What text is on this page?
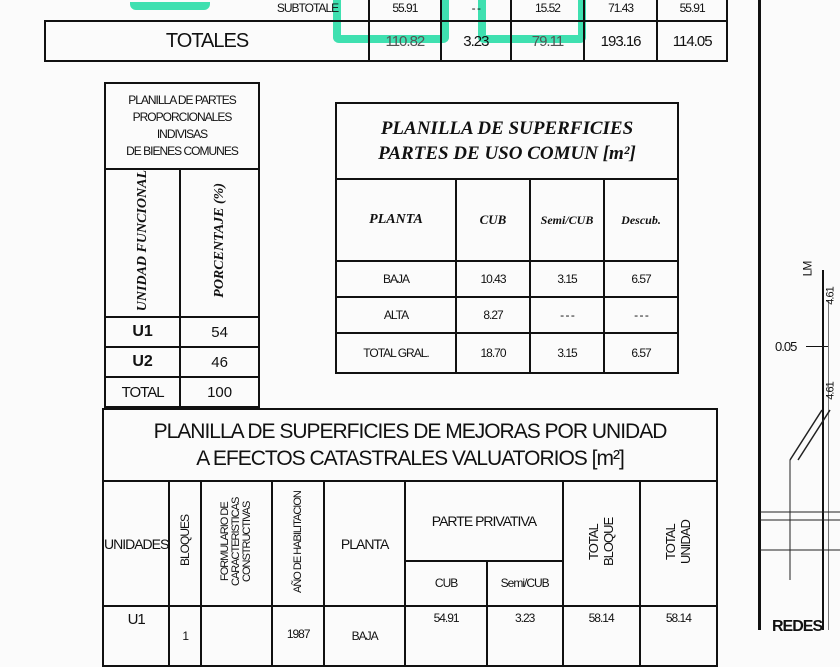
SUBTOTALE	55.91	- -	15.52	71.43	55.91
TOTALES	110.82	3.23	79.11	193.16	114.05
PLANILLA DE PARTES
PROPORCIONALES
INDIVISAS
DE BIENES COMUNES	

UNIDAD FUNCIONAL	PORCENTAJE (%)
U1	54
U2	46
TOTAL	100
PLANILLA DE SUPERFICIES
PARTES DE USO COMUN [m²]			

PLANTA	CUB	Semi/CUB	Descub.
BAJA	10.43	3.15	6.57
ALTA	8.27	- - -	- - -
TOTAL GRAL.	18.70	3.15	6.57
PLANILLA DE SUPERFICIES DE MEJORAS POR UNIDAD
A EFECTOS CATASTRALES VALUATORIOS [m²]								

UNIDADES	BLOQUES	FORMULARIO DE CARACTERISTICAS CONSTRUCTIVAS	AÑO DE HABILITACION	PLANTA	PARTE PRIVATIVA		TOTAL BLOQUE	TOTAL UNIDAD
					CUB	Semi/CUB		
U1	1		1987	BAJA	54.91	3.23	58.14	58.14
LM
4.61
0.05
4.61
REDES
